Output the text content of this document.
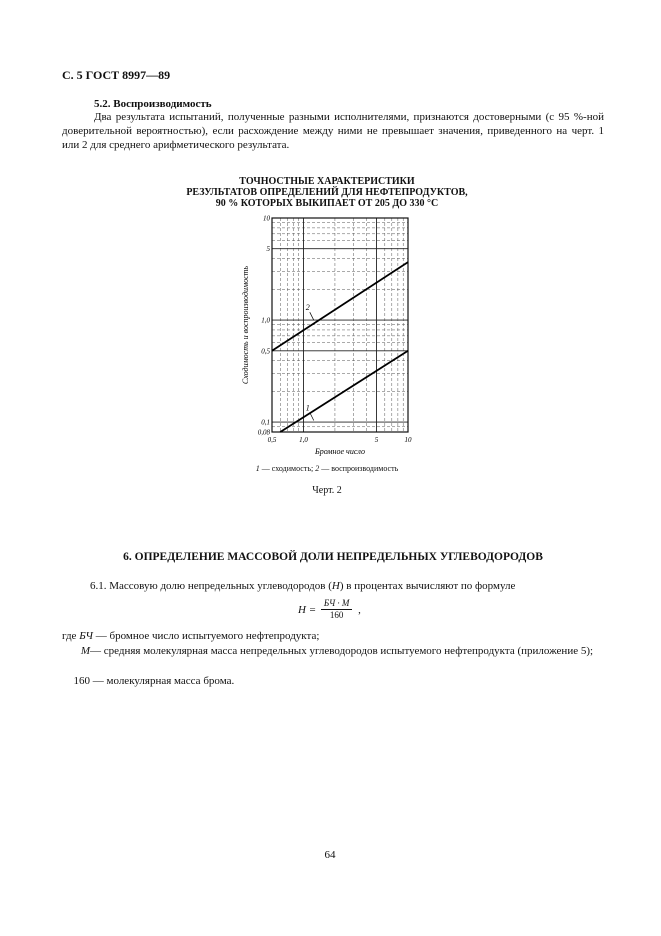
С. 5 ГОСТ 8997—89
5.2. Воспроизводимость
Два результата испытаний, полученные разными исполнителями, признаются достоверными (с 95 %-ной доверительной вероятностью), если расхождение между ними не превышает значения, приведенного на черт. 1 или 2 для среднего арифметического результата.
ТОЧНОСТНЫЕ ХАРАКТЕРИСТИКИ
РЕЗУЛЬТАТОВ ОПРЕДЕЛЕНИЙ ДЛЯ НЕФТЕПРОДУКТОВ,
90 % КОТОРЫХ ВЫКИПАЕТ ОТ 205 ДО 330 °С
0,5	1,0	5	10
0,08
0,1
0,5
1,0
5
10
Бромное число
Сходимость и воспроизводимость
1
2
1 — сходимость; 2 — воспроизводимость
Черт. 2
6. ОПРЕДЕЛЕНИЕ МАССОВОЙ ДОЛИ НЕПРЕДЕЛЬНЫХ УГЛЕВОДОРОДОВ
6.1. Массовую долю непредельных углеводородов (Н) в процентах вычисляют по формуле
$Н = \frac{БЧ \cdot М}{160}$ ,
где БЧ — бромное число испытуемого нефтепродукта;
М— средняя молекулярная масса непредельных углеводородов испытуемого нефтепродукта (приложение 5);
160 — молекулярная масса брома.
64
